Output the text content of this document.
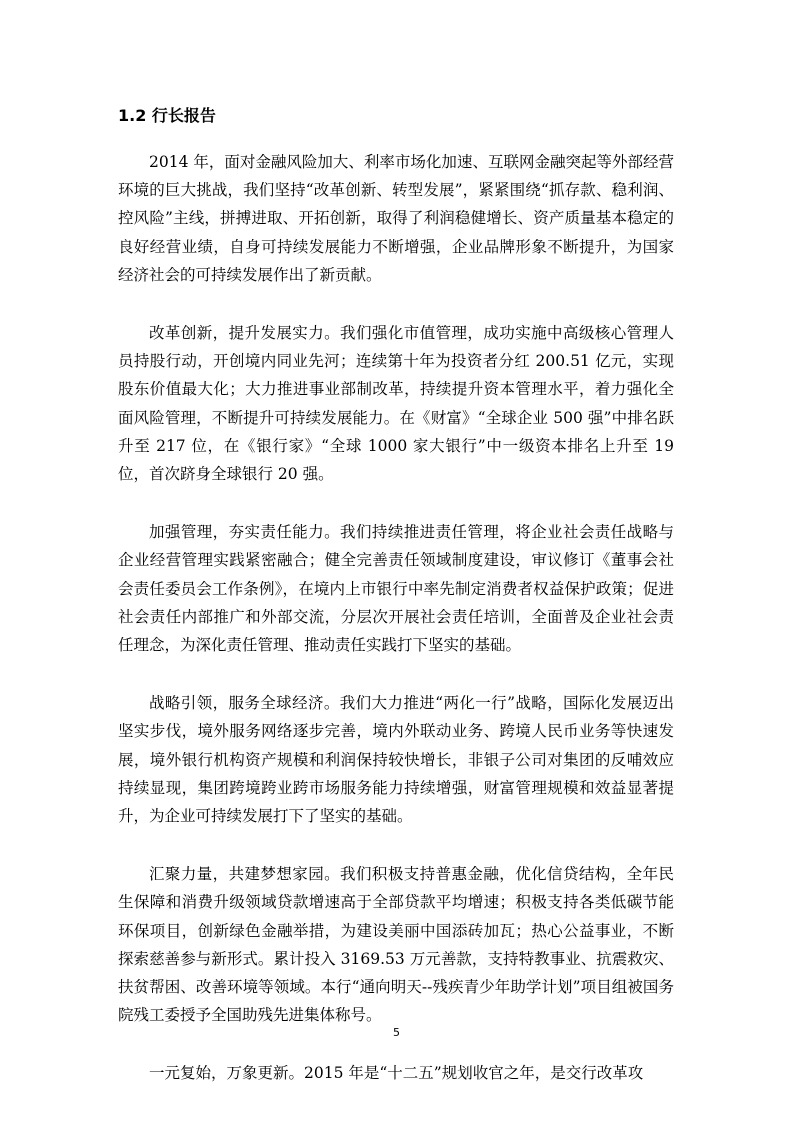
1.2 行长报告

2014 年，面对金融风险加大、利率市场化加速、互联网金融突起等外部经营环境的巨大挑战，我们坚持“改革创新、转型发展”，紧紧围绕“抓存款、稳利润、控风险”主线，拼搏进取、开拓创新，取得了利润稳健增长、资产质量基本稳定的良好经营业绩，自身可持续发展能力不断增强，企业品牌形象不断提升，为国家经济社会的可持续发展作出了新贡献。

改革创新，提升发展实力。我们强化市值管理，成功实施中高级核心管理人员持股行动，开创境内同业先河；连续第十年为投资者分红 200.51 亿元，实现股东价值最大化；大力推进事业部制改革，持续提升资本管理水平，着力强化全面风险管理，不断提升可持续发展能力。在《财富》“全球企业 500 强”中排名跃升至 217 位，在《银行家》“全球 1000 家大银行”中一级资本排名上升至 19 位，首次跻身全球银行 20 强。

加强管理，夯实责任能力。我们持续推进责任管理，将企业社会责任战略与企业经营管理实践紧密融合；健全完善责任领域制度建设，审议修订《董事会社会责任委员会工作条例》，在境内上市银行中率先制定消费者权益保护政策；促进社会责任内部推广和外部交流，分层次开展社会责任培训，全面普及企业社会责任理念，为深化责任管理、推动责任实践打下坚实的基础。

战略引领，服务全球经济。我们大力推进“两化一行”战略，国际化发展迈出坚实步伐，境外服务网络逐步完善，境内外联动业务、跨境人民币业务等快速发展，境外银行机构资产规模和利润保持较快增长，非银子公司对集团的反哺效应持续显现，集团跨境跨业跨市场服务能力持续增强，财富管理规模和效益显著提升，为企业可持续发展打下了坚实的基础。

汇聚力量，共建梦想家园。我们积极支持普惠金融，优化信贷结构，全年民生保障和消费升级领域贷款增速高于全部贷款平均增速；积极支持各类低碳节能环保项目，创新绿色金融举措，为建设美丽中国添砖加瓦；热心公益事业，不断探索慈善参与新形式。累计投入 3169.53 万元善款，支持特教事业、抗震救灾、扶贫帮困、改善环境等领域。本行“通向明天--残疾青少年助学计划”项目组被国务院残工委授予全国助残先进集体称号。

一元复始，万象更新。2015 年是“十二五”规划收官之年，是交行改革攻

5
